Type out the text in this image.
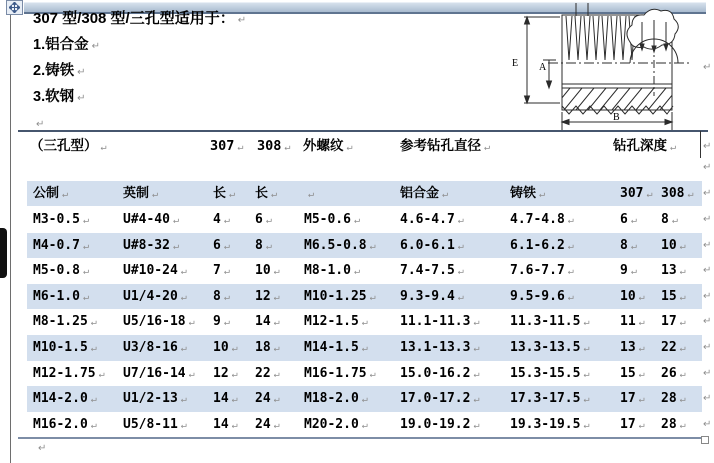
307 型/308 型/三孔型适用于： ↵
1.铝合金 ↵
2.铸铁 ↵
3.软钢 ↵
↵
E A
B
（三孔型） ↵	307 ↵ 308 ↵ 外螺纹 ↵	参考钻孔直径 ↵	钻孔深度 ↵
公制 ↵	英制 ↵	长 ↵ 长 ↵	↵	铝合金 ↵	铸铁 ↵	307 ↵ 308 ↵
M3-0.5 ↵	U#4-40 ↵	4 ↵ 6 ↵ M5-0.6 ↵	4.6-4.7 ↵	4.7-4.8 ↵	6 ↵ 8 ↵
M4-0.7 ↵	U#8-32 ↵	6 ↵ 8 ↵ M6.5-0.8 ↵ 6.0-6.1 ↵	6.1-6.2 ↵	8 ↵ 10 ↵
M5-0.8 ↵	U#10-24 ↵ 7 ↵ 10 ↵ M8-1.0 ↵	7.4-7.5 ↵	7.6-7.7 ↵	9 ↵ 13 ↵
M6-1.0 ↵	U1/4-20 ↵ 8 ↵ 12 ↵ M10-1.25 ↵ 9.3-9.4 ↵	9.5-9.6 ↵	10 ↵ 15 ↵
M8-1.25 ↵ U5/16-18 ↵ 9 ↵ 14 ↵ M12-1.5 ↵ 11.1-11.3 ↵ 11.3-11.5 ↵ 11 ↵ 17 ↵
M10-1.5 ↵ U3/8-16 ↵ 10 ↵ 18 ↵ M14-1.5 ↵ 13.1-13.3 ↵ 13.3-13.5 ↵ 13 ↵ 22 ↵
M12-1.75 ↵ U7/16-14 ↵ 12 ↵ 22 ↵ M16-1.75 ↵ 15.0-16.2 ↵ 15.3-15.5 ↵ 15 ↵ 26 ↵
M14-2.0 ↵ U1/2-13 ↵ 14 ↵ 24 ↵ M18-2.0 ↵ 17.0-17.2 ↵ 17.3-17.5 ↵ 17 ↵ 28 ↵
M16-2.0 ↵ U5/8-11 ↵ 14 ↵ 24 ↵ M20-2.0 ↵ 19.0-19.2 ↵ 19.3-19.5 ↵ 17 ↵ 28 ↵
↵
↵
↵
↵
↵
↵
↵
↵
↵
↵
↵
↵
↵
↵
